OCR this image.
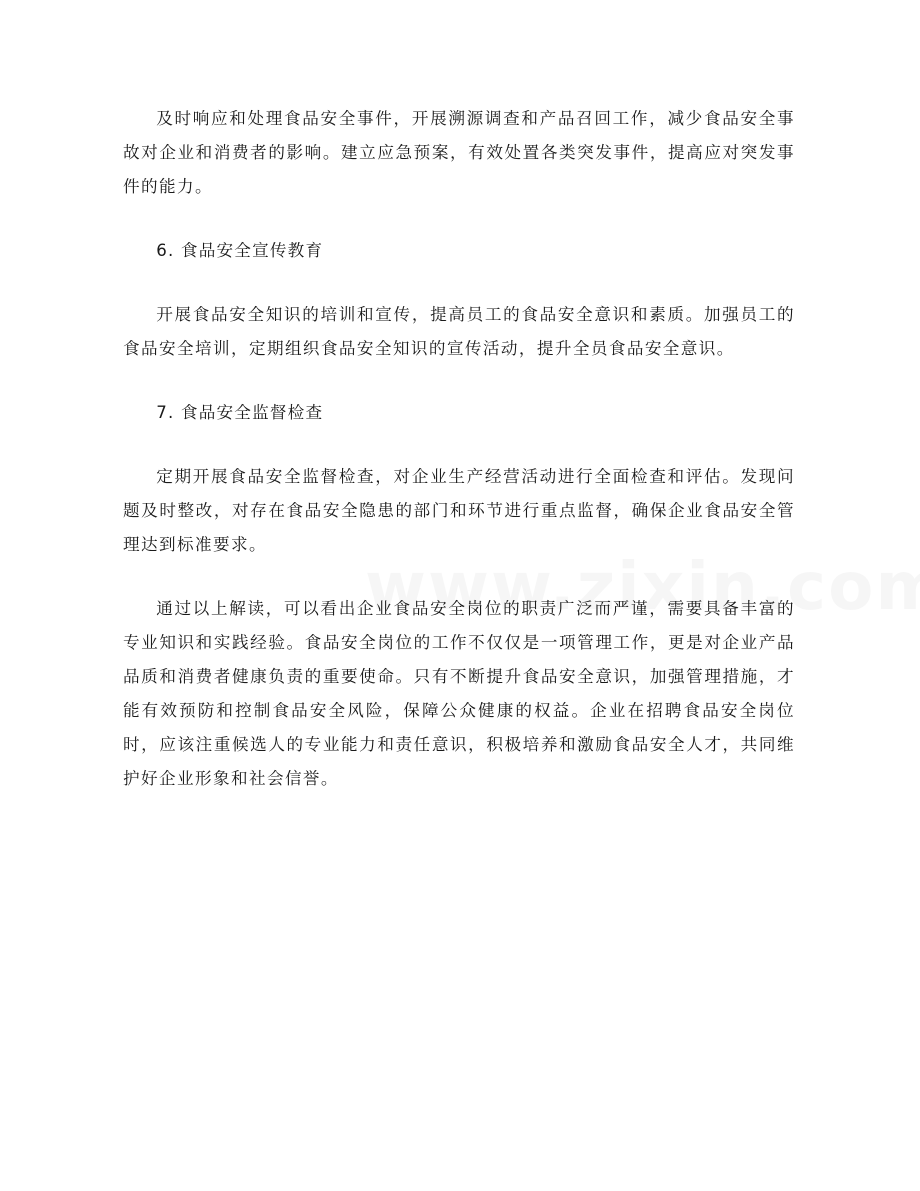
及时响应和处理食品安全事件，开展溯源调查和产品召回工作，减少食品安全事故对企业和消费者的影响。建立应急预案，有效处置各类突发事件，提高应对突发事件的能力。

6. 食品安全宣传教育

开展食品安全知识的培训和宣传，提高员工的食品安全意识和素质。加强员工的食品安全培训，定期组织食品安全知识的宣传活动，提升全员食品安全意识。

7. 食品安全监督检查

定期开展食品安全监督检查，对企业生产经营活动进行全面检查和评估。发现问题及时整改，对存在食品安全隐患的部门和环节进行重点监督，确保企业食品安全管理达到标准要求。

通过以上解读，可以看出企业食品安全岗位的职责广泛而严谨，需要具备丰富的专业知识和实践经验。食品安全岗位的工作不仅仅是一项管理工作，更是对企业产品品质和消费者健康负责的重要使命。只有不断提升食品安全意识，加强管理措施，才能有效预防和控制食品安全风险，保障公众健康的权益。企业在招聘食品安全岗位时，应该注重候选人的专业能力和责任意识，积极培养和激励食品安全人才，共同维护好企业形象和社会信誉。
